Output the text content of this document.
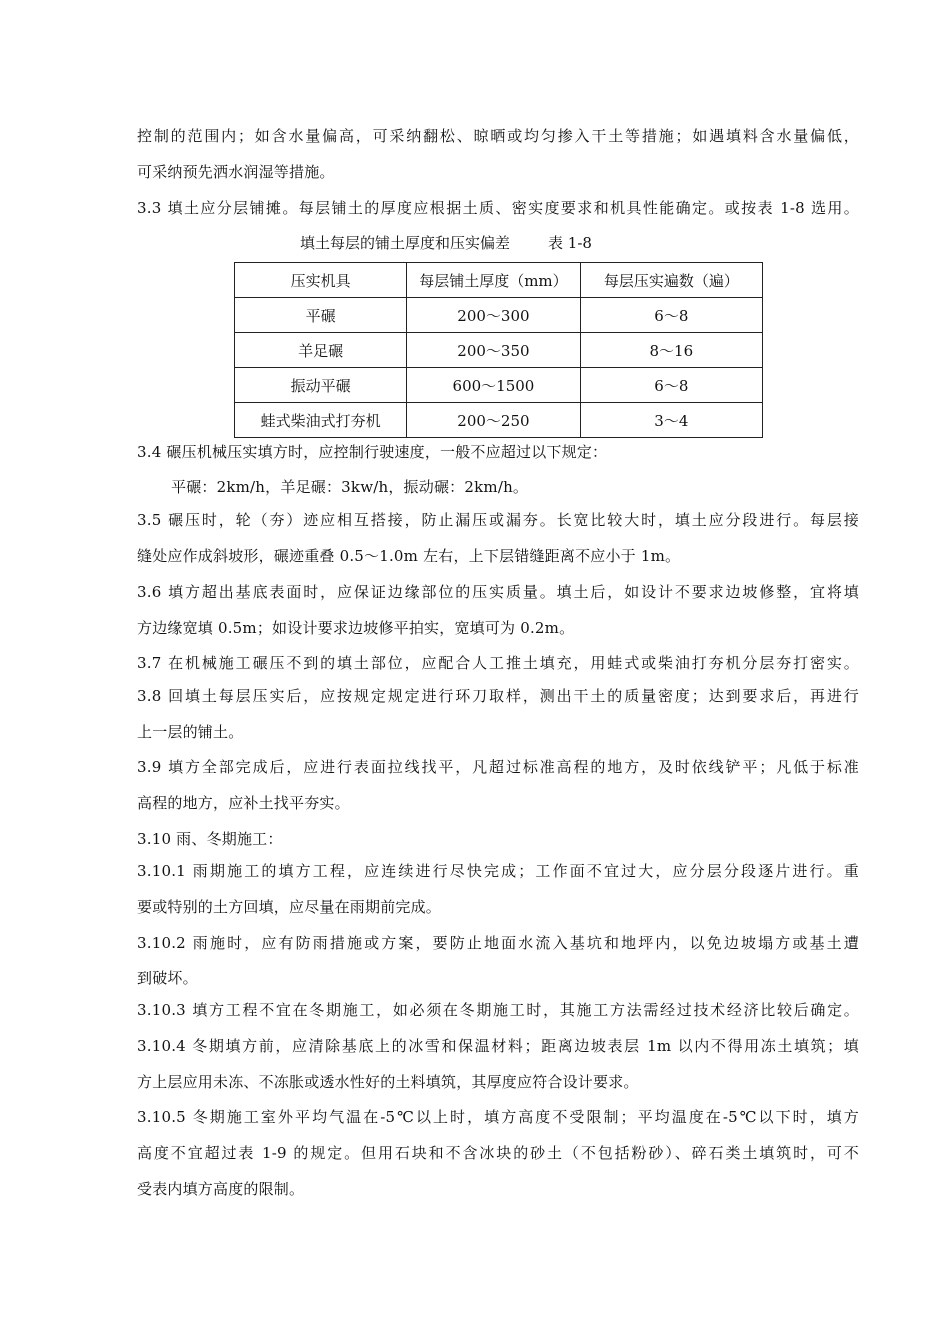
控制的范围内；如含水量偏高，可采纳翻松、晾晒或均匀掺入干土等措施；如遇填料含水量偏低，
可采纳预先洒水润湿等措施。
3.3 填土应分层铺摊。每层铺土的厚度应根据土质、密实度要求和机具性能确定。或按表 1-8 选用。
填土每层的铺土厚度和压实偏差	表 1-8
压实机具	每层铺土厚度（mm）	每层压实遍数（遍）
平碾	200～300	6～8
羊足碾	200～350	8～16
振动平碾	600～1500	6～8
蛙式柴油式打夯机	200～250	3～4
3.4 碾压机械压实填方时，应控制行驶速度，一般不应超过以下规定：
平碾：2km/h，羊足碾：3kw/h，振动碾：2km/h。
3.5 碾压时，轮（夯）迹应相互搭接，防止漏压或漏夯。长宽比较大时，填土应分段进行。每层接
缝处应作成斜坡形，碾迹重叠 0.5～1.0m 左右，上下层错缝距离不应小于 1m。
3.6 填方超出基底表面时，应保证边缘部位的压实质量。填土后，如设计不要求边坡修整，宜将填
方边缘宽填 0.5m；如设计要求边坡修平拍实，宽填可为 0.2m。
3.7 在机械施工碾压不到的填土部位，应配合人工推土填充，用蛙式或柴油打夯机分层夯打密实。
3.8 回填土每层压实后，应按规定规定进行环刀取样，测出干土的质量密度；达到要求后，再进行
上一层的铺土。
3.9 填方全部完成后，应进行表面拉线找平，凡超过标准高程的地方，及时依线铲平；凡低于标准
高程的地方，应补土找平夯实。
3.10 雨、冬期施工：
3.10.1 雨期施工的填方工程，应连续进行尽快完成；工作面不宜过大，应分层分段逐片进行。重
要或特别的土方回填，应尽量在雨期前完成。
3.10.2 雨施时，应有防雨措施或方案，要防止地面水流入基坑和地坪内，以免边坡塌方或基土遭
到破坏。
3.10.3 填方工程不宜在冬期施工，如必须在冬期施工时，其施工方法需经过技术经济比较后确定。
3.10.4 冬期填方前，应清除基底上的冰雪和保温材料；距离边坡表层 1m 以内不得用冻土填筑；填
方上层应用未冻、不冻胀或透水性好的土料填筑，其厚度应符合设计要求。
3.10.5 冬期施工室外平均气温在-5℃以上时，填方高度不受限制；平均温度在-5℃以下时，填方
高度不宜超过表 1-9 的规定。但用石块和不含冰块的砂土（不包括粉砂）、碎石类土填筑时，可不
受表内填方高度的限制。
